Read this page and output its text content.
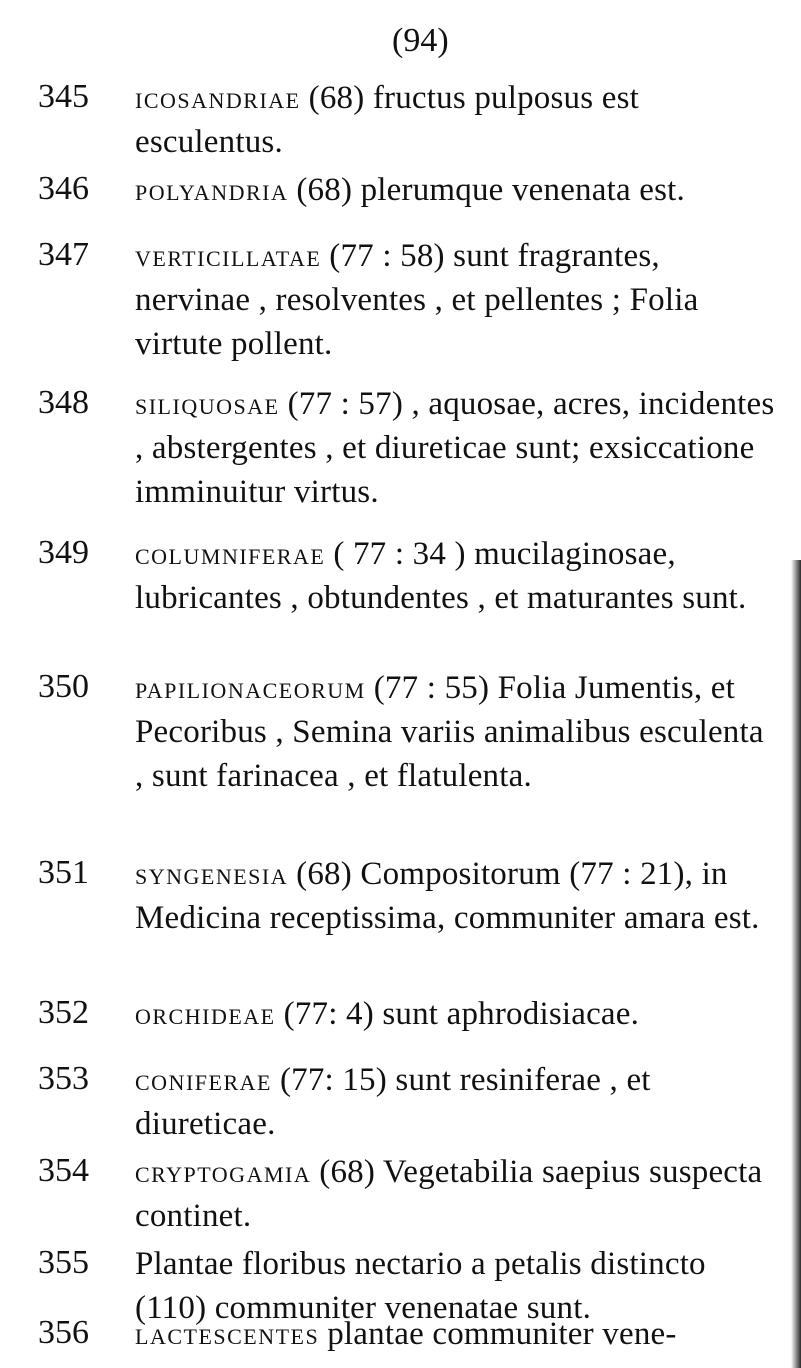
(94)
345 icosandriae (68) fructus pulposus est esculentus.
346 polyandria (68) plerumque venenata est.
347 verticillatae (77 : 58) sunt fragrantes, nervinae , resolventes , et pellentes ; Folia virtute pollent.
348 siliquosae (77 : 57) , aquosae, acres, incidentes , abstergentes , et diureticae sunt; exsiccatione imminuitur virtus.
349 columniferae ( 77 : 34 ) mucilaginosae, lubricantes , obtundentes , et maturantes sunt.
350 papilionaceorum (77 : 55) Folia Jumentis, et Pecoribus , Semina variis animalibus esculenta , sunt farinacea , et flatulenta.
351 syngenesia (68) Compositorum (77 : 21), in Medicina receptissima, communiter amara est.
352 orchideae (77: 4) sunt aphrodisiacae.
353 coniferae (77: 15) sunt resiniferae , et diureticae.
354 cryptogamia (68) Vegetabilia saepius suspecta continet.
355 Plantae floribus nectario a petalis distincto (110) communiter venenatae sunt.
356 lactescentes plantae communiter vene-
